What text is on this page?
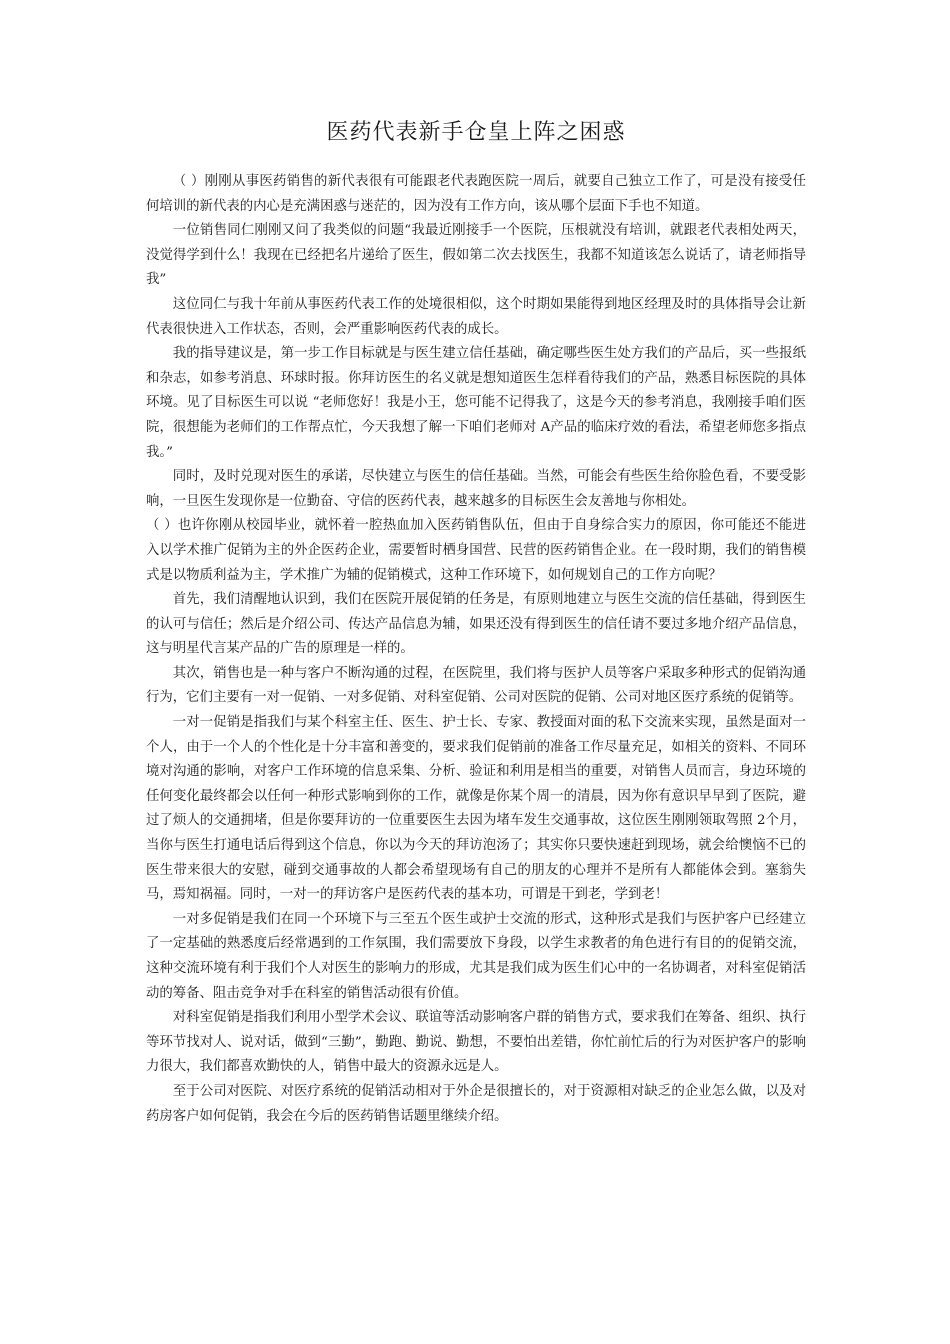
医药代表新手仓皇上阵之困惑

（ ）刚刚从事医药销售的新代表很有可能跟老代表跑医院一周后，就要自己独立工作了，可是没有接受任何培训的新代表的内心是充满困惑与迷茫的，因为没有工作方向，该从哪个层面下手也不知道。

一位销售同仁刚刚又问了我类似的问题“我最近刚接手一个医院，压根就没有培训，就跟老代表相处两天，没觉得学到什么！我现在已经把名片递给了医生，假如第二次去找医生，我都不知道该怎么说话了，请老师指导我”

这位同仁与我十年前从事医药代表工作的处境很相似，这个时期如果能得到地区经理及时的具体指导会让新代表很快进入工作状态，否则，会严重影响医药代表的成长。

我的指导建议是，第一步工作目标就是与医生建立信任基础，确定哪些医生处方我们的产品后，买一些报纸和杂志，如参考消息、环球时报。你拜访医生的名义就是想知道医生怎样看待我们的产品，熟悉目标医院的具体环境。见了目标医生可以说 “老师您好！我是小王，您可能不记得我了，这是今天的参考消息，我刚接手咱们医院，很想能为老师们的工作帮点忙，今天我想了解一下咱们老师对 A产品的临床疗效的看法，希望老师您多指点我。”

同时，及时兑现对医生的承诺，尽快建立与医生的信任基础。当然，可能会有些医生给你脸色看，不要受影响，一旦医生发现你是一位勤奋、守信的医药代表，越来越多的目标医生会友善地与你相处。

（ ）也许你刚从校园毕业，就怀着一腔热血加入医药销售队伍，但由于自身综合实力的原因，你可能还不能进入以学术推广促销为主的外企医药企业，需要暂时栖身国营、民营的医药销售企业。在一段时期，我们的销售模式是以物质利益为主，学术推广为辅的促销模式，这种工作环境下，如何规划自己的工作方向呢？

首先，我们清醒地认识到，我们在医院开展促销的任务是，有原则地建立与医生交流的信任基础，得到医生的认可与信任；然后是介绍公司、传达产品信息为辅，如果还没有得到医生的信任请不要过多地介绍产品信息，这与明星代言某产品的广告的原理是一样的。

其次，销售也是一种与客户不断沟通的过程，在医院里，我们将与医护人员等客户采取多种形式的促销沟通行为，它们主要有一对一促销、一对多促销、对科室促销、公司对医院的促销、公司对地区医疗系统的促销等。

一对一促销是指我们与某个科室主任、医生、护士长、专家、教授面对面的私下交流来实现，虽然是面对一个人，由于一个人的个性化是十分丰富和善变的，要求我们促销前的准备工作尽量充足，如相关的资料、不同环境对沟通的影响，对客户工作环境的信息采集、分析、验证和利用是相当的重要，对销售人员而言，身边环境的任何变化最终都会以任何一种形式影响到你的工作，就像是你某个周一的清晨，因为你有意识早早到了医院，避过了烦人的交通拥堵，但是你要拜访的一位重要医生去因为堵车发生交通事故，这位医生刚刚领取驾照 2个月，当你与医生打通电话后得到这个信息，你以为今天的拜访泡汤了；其实你只要快速赶到现场，就会给懊恼不已的医生带来很大的安慰，碰到交通事故的人都会希望现场有自己的朋友的心理并不是所有人都能体会到。塞翁失马，焉知祸福。同时，一对一的拜访客户是医药代表的基本功，可谓是干到老，学到老！

一对多促销是我们在同一个环境下与三至五个医生或护士交流的形式，这种形式是我们与医护客户已经建立了一定基础的熟悉度后经常遇到的工作氛围，我们需要放下身段，以学生求教者的角色进行有目的的促销交流，这种交流环境有利于我们个人对医生的影响力的形成，尤其是我们成为医生们心中的一名协调者，对科室促销活动的筹备、阻击竞争对手在科室的销售活动很有价值。

对科室促销是指我们利用小型学术会议、联谊等活动影响客户群的销售方式，要求我们在筹备、组织、执行等环节找对人、说对话，做到“三勤”，勤跑、勤说、勤想，不要怕出差错，你忙前忙后的行为对医护客户的影响力很大，我们都喜欢勤快的人，销售中最大的资源永远是人。

至于公司对医院、对医疗系统的促销活动相对于外企是很擅长的，对于资源相对缺乏的企业怎么做，以及对药房客户如何促销，我会在今后的医药销售话题里继续介绍。
